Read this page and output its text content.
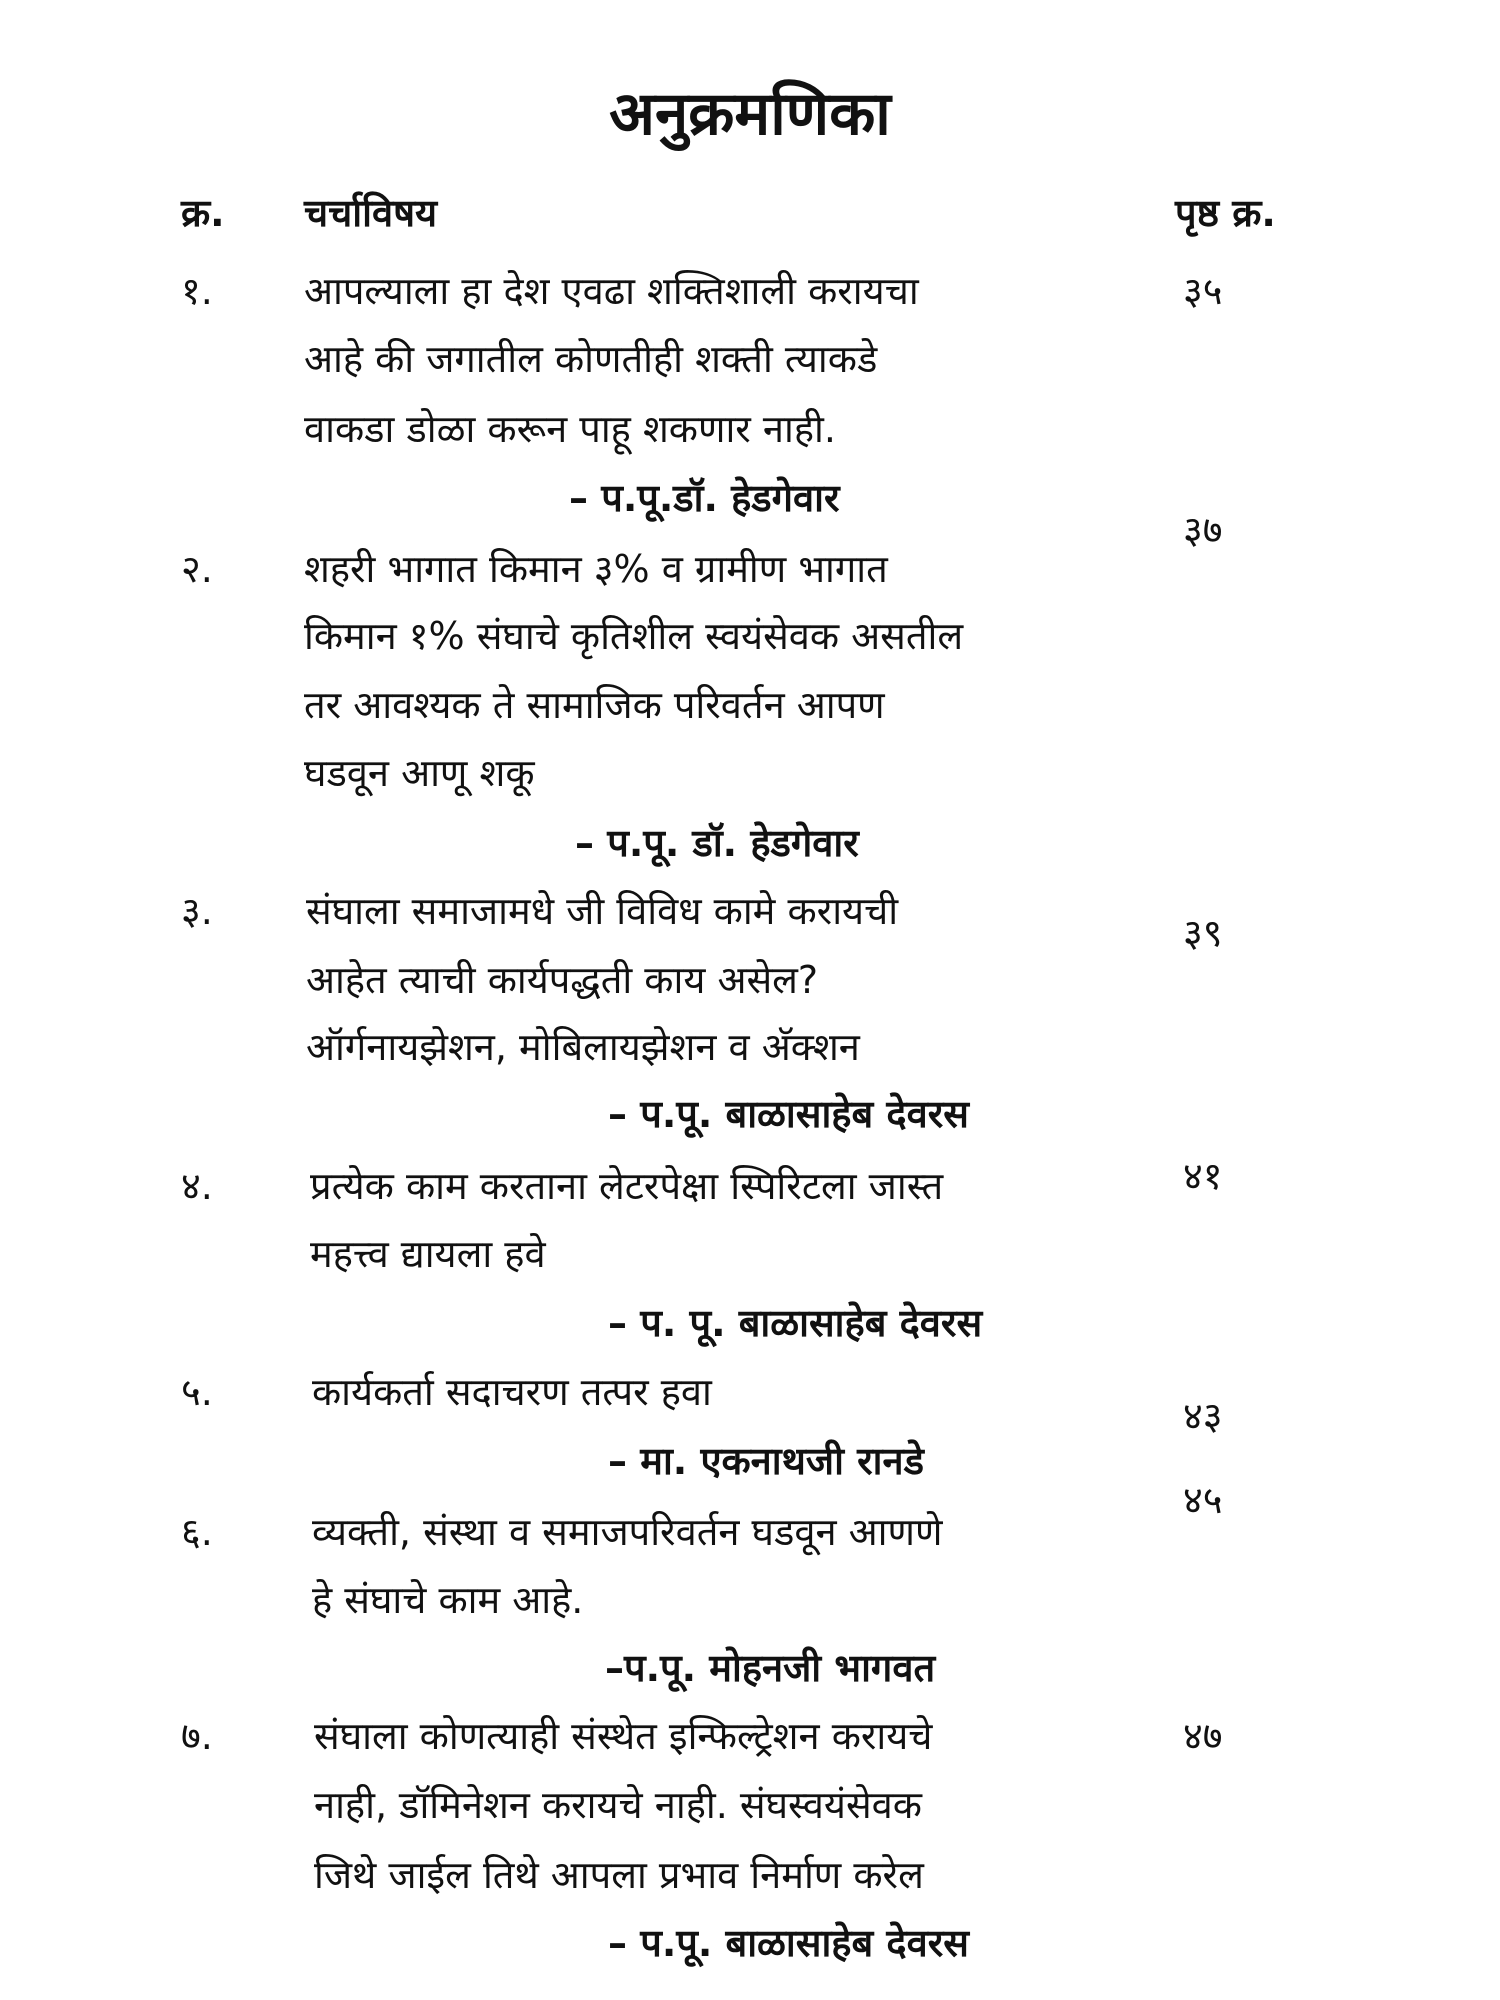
अनुक्रमणिका
क्र. चर्चाविषय	पृष्ठ क्र.
१. आपल्याला हा देश एवढा शक्तिशाली करायचा
आहे की जगातील कोणतीही शक्ती त्याकडे
वाकडा डोळा करून पाहू शकणार नाही.
– प.पू.डॉ. हेडगेवार
३५
२. शहरी भागात किमान ३% व ग्रामीण भागात
किमान १% संघाचे कृतिशील स्वयंसेवक असतील
तर आवश्यक ते सामाजिक परिवर्तन आपण
घडवून आणू शकू
– प.पू. डॉ. हेडगेवार
३७
३. संघाला समाजामधे जी विविध कामे करायची
आहेत त्याची कार्यपद्धती काय असेल?
ऑर्गनायझेशन, मोबिलायझेशन व अ‍ॅक्शन
– प.पू. बाळासाहेब देवरस
३९
४.	प्रत्येक काम करताना लेटरपेक्षा स्पिरिटला जास्त
महत्त्व द्यायला हवे
– प. पू. बाळासाहेब देवरस
४१
५.	कार्यकर्ता सदाचरण तत्पर हवा
– मा. एकनाथजी रानडे
४३
६.	व्यक्ती, संस्था व समाजपरिवर्तन घडवून आणणे
हे संघाचे काम आहे.
–प.पू. मोहनजी भागवत
४५
७.	संघाला कोणत्याही संस्थेत इन्फिल्ट्रेशन करायचे
नाही, डॉमिनेशन करायचे नाही. संघस्वयंसेवक
जिथे जाईल तिथे आपला प्रभाव निर्माण करेल
– प.पू. बाळासाहेब देवरस
४७
